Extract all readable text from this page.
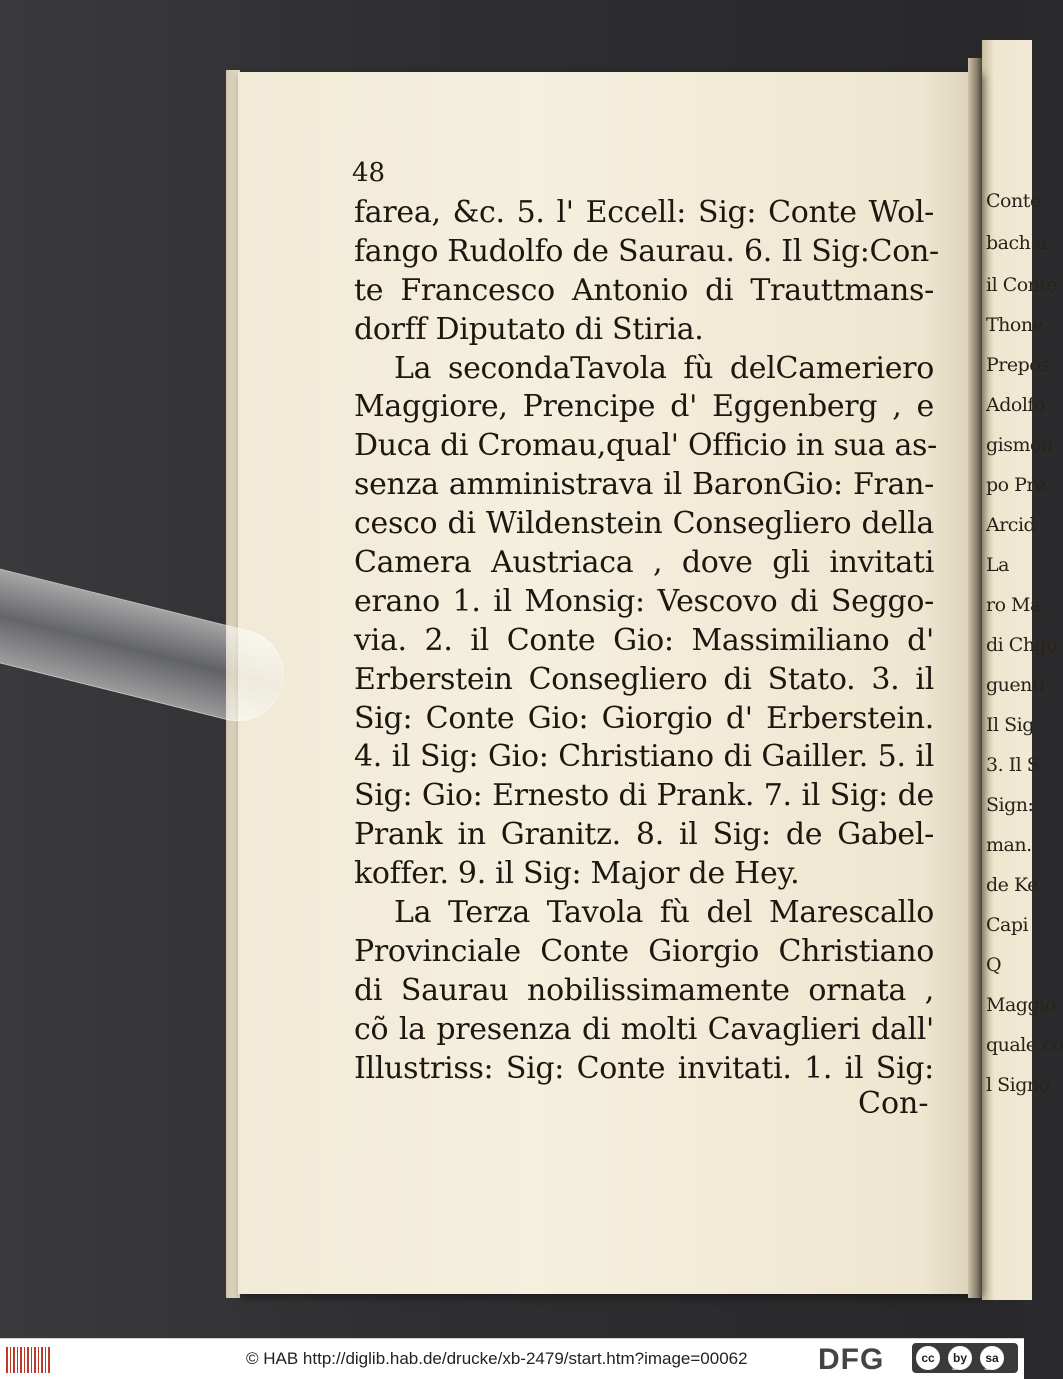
Conte
bach a
il Conte
Thone
Prepos
Adolfo
gismon
po Pre
Arcid
La
ro Ma
di Chgo
guenti
Il Sig
3. Il S
Sign:
man.
de Ke
Capi
Q
Maggio
quale co
l Signo
48
farea, &c. 5. l' Eccell: Sig: Conte Wol-
fango Rudolfo de Saurau. 6. Il Sig:Con-
te Francesco Antonio di Trauttmans-
dorff Diputato di Stiria.
La secondaTavola fù delCameriero
Maggiore, Prencipe d' Eggenberg , e
Duca di Cromau,qual' Officio in sua as-
senza amministrava il BaronGio: Fran-
cesco di Wildenstein Consegliero della
Camera Austriaca , dove gli invitati
erano 1. il Monsig: Vescovo di Seggo-
via. 2. il Conte Gio: Massimiliano d'
Erberstein Consegliero di Stato. 3. il
Sig: Conte Gio: Giorgio d' Erberstein.
4. il Sig: Gio: Christiano di Gailler. 5. il
Sig: Gio: Ernesto di Prank. 7. il Sig: de
Prank in Granitz. 8. il Sig: de Gabel-
koffer. 9. il Sig: Major de Hey.
La Terza Tavola fù del Marescallo
Provinciale Conte Giorgio Christiano
di Saurau nobilissimamente ornata ,
cõ la presenza di molti Cavaglieri dall'
Illustriss: Sig: Conte invitati. 1. il Sig:
Con-
© HAB http://diglib.hab.de/drucke/xb-2479/start.htm?image=00062 DFG	cc	by	sa
BY	SA
